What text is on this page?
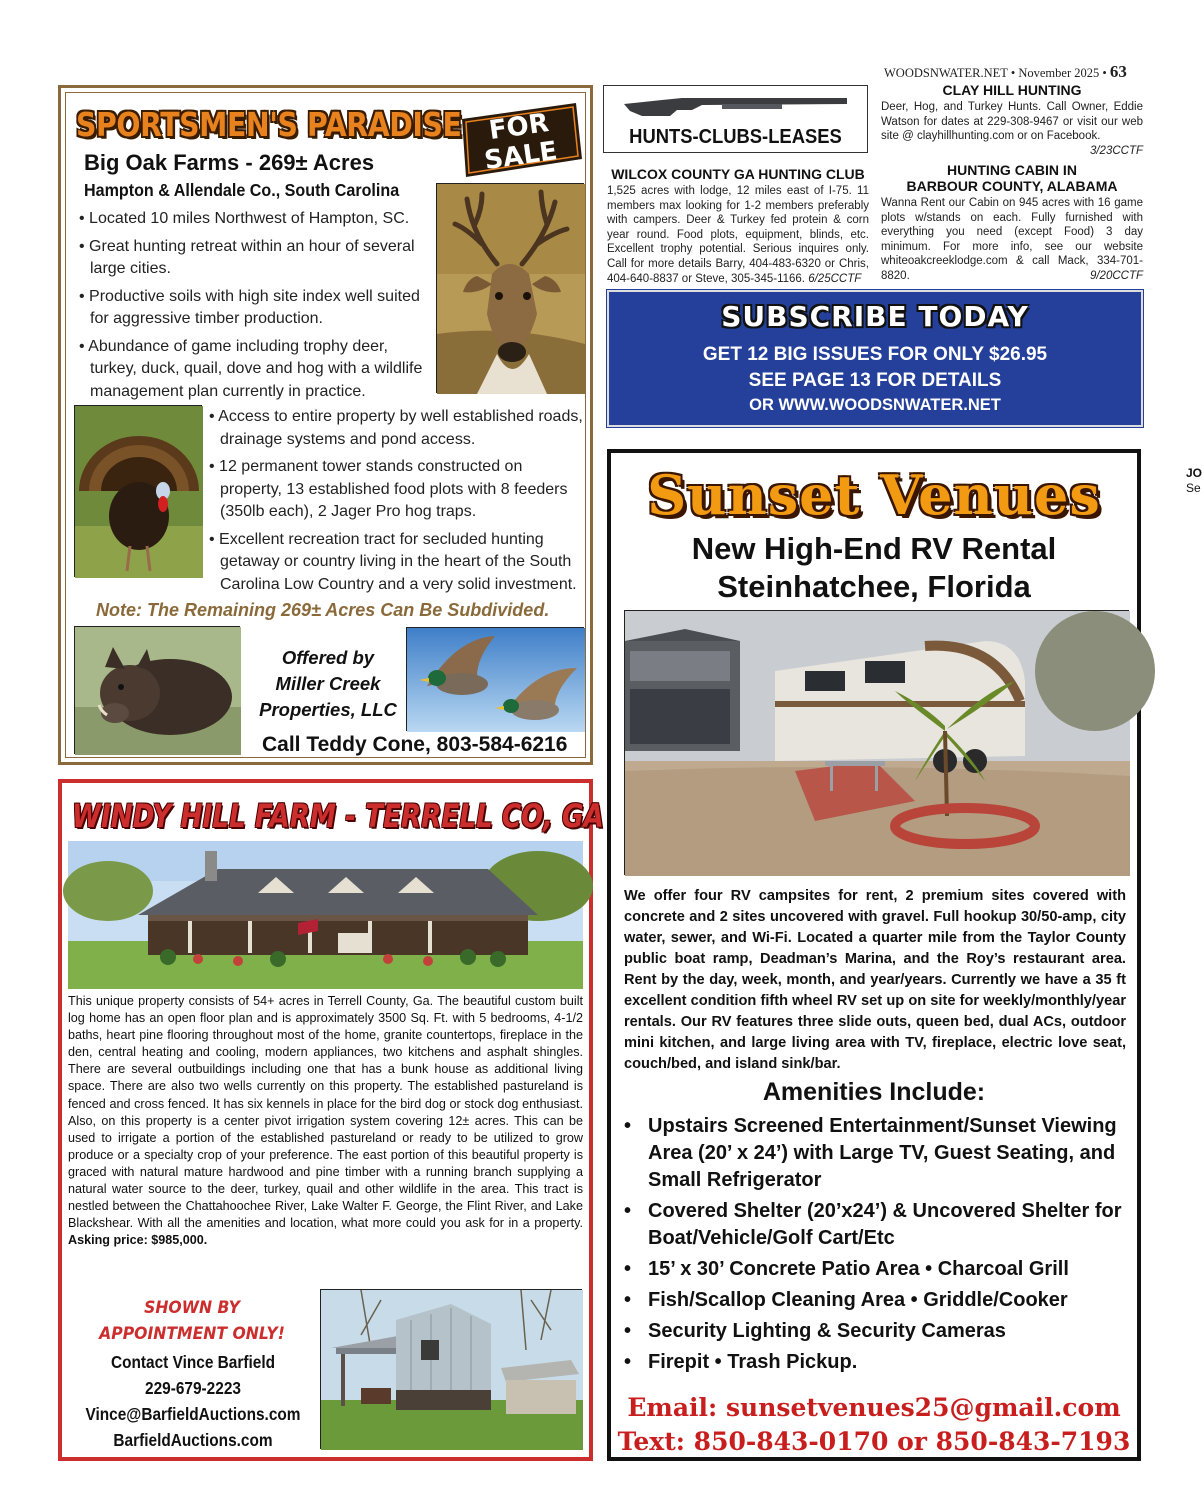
WOODSNWATER.NET • November 2025 • 63
SPORTSMEN'S PARADISE FOR
SALE
Big Oak Farms - 269± Acres
Hampton & Allendale Co., South Carolina
• Located 10 miles Northwest of Hampton, SC.
• Great hunting retreat within an hour of several large cities.
• Productive soils with high site index well suited for aggressive timber production.
• Abundance of game including trophy deer, turkey, duck, quail, dove and hog with a wildlife management plan currently in practice.
• Access to entire property by well established roads, drainage systems and pond access.
• 12 permanent tower stands constructed on property, 13 established food plots with 8 feeders (350lb each), 2 Jager Pro hog traps.
• Excellent recreation tract for secluded hunting getaway or country living in the heart of the South Carolina Low Country and a very solid investment.
Note: The Remaining 269± Acres Can Be Subdivided.
Offered by
Miller Creek
Properties, LLC
Call Teddy Cone, 803-584-6216
WINDY HILL FARM - TERRELL CO, GA
This unique property consists of 54+ acres in Terrell County, Ga. The beautiful custom built log home has an open floor plan and is approximately 3500 Sq. Ft. with 5 bedrooms, 4-1/2 baths, heart pine flooring throughout most of the home, granite countertops, fireplace in the den, central heating and cooling, modern appliances, two kitchens and asphalt shingles. There are several outbuildings including one that has a bunk house as additional living space. There are also two wells currently on this property. The established pastureland is fenced and cross fenced. It has six kennels in place for the bird dog or stock dog enthusiast. Also, on this property is a center pivot irrigation system covering 12± acres. This can be used to irrigate a portion of the established pastureland or ready to be utilized to grow produce or a specialty crop of your preference. The east portion of this beautiful property is graced with natural mature hardwood and pine timber with a running branch supplying a natural water source to the deer, turkey, quail and other wildlife in the area. This tract is nestled between the Chattahoochee River, Lake Walter F. George, the Flint River, and Lake Blackshear. With all the amenities and location, what more could you ask for in a property. Asking price: $985,000.
SHOWN BY
APPOINTMENT ONLY!
Contact Vince Barfield
229-679-2223
Vince@BarfieldAuctions.com
BarfieldAuctions.com
HUNTS-CLUBS-LEASES
WILCOX COUNTY GA HUNTING CLUB
1,525 acres with lodge, 12 miles east of I-75. 11 members max looking for 1-2 members preferably with campers. Deer & Turkey fed protein & corn year round. Food plots, equipment, blinds, etc. Excellent trophy potential. Serious inquires only. Call for more details Barry, 404-483-6320 or Chris, 404-640-8837 or Steve, 305-345-1166. 6/25CCTF
CLAY HILL HUNTING
Deer, Hog, and Turkey Hunts. Call Owner, Eddie Watson for dates at 229-308-9467 or visit our web site @ clayhillhunting.com or on Facebook.
3/23CCTF
HUNTING CABIN IN
BARBOUR COUNTY, ALABAMA
Wanna Rent our Cabin on 945 acres with 16 game plots w/stands on each. Fully furnished with everything you need (except Food) 3 day minimum. For more info, see our website whiteoakcreeklodge.com & call Mack, 334-701-8820.	9/20CCTF
SUBSCRIBE TODAY
GET 12 BIG ISSUES FOR ONLY $26.95
SEE PAGE 13 FOR DETAILS
OR WWW.WOODSNWATER.NET
Sunset Venues
New High-End RV Rental
Steinhatchee, Florida
We offer four RV campsites for rent, 2 premium sites covered with concrete and 2 sites uncovered with gravel. Full hookup 30/50-amp, city water, sewer, and Wi-Fi. Located a quarter mile from the Taylor County public boat ramp, Deadman’s Marina, and the Roy’s restaurant area. Rent by the day, week, month, and year/years. Currently we have a 35 ft excellent condition fifth wheel RV set up on site for weekly/monthly/year rentals. Our RV features three slide outs, queen bed, dual ACs, outdoor mini kitchen, and large living area with TV, fireplace, electric love seat, couch/bed, and island sink/bar.
Amenities Include:
• Upstairs Screened Entertainment/Sunset Viewing Area (20’ x 24’) with Large TV, Guest Seating, and Small Refrigerator
• Covered Shelter (20’x24’) & Uncovered Shelter for Boat/Vehicle/Golf Cart/Etc
• 15’ x 30’ Concrete Patio Area • Charcoal Grill
• Fish/Scallop Cleaning Area • Griddle/Cooker
• Security Lighting & Security Cameras
• Firepit • Trash Pickup.
Email: sunsetvenues25@gmail.com
Text: 850-843-0170 or 850-843-7193
JO
Se
